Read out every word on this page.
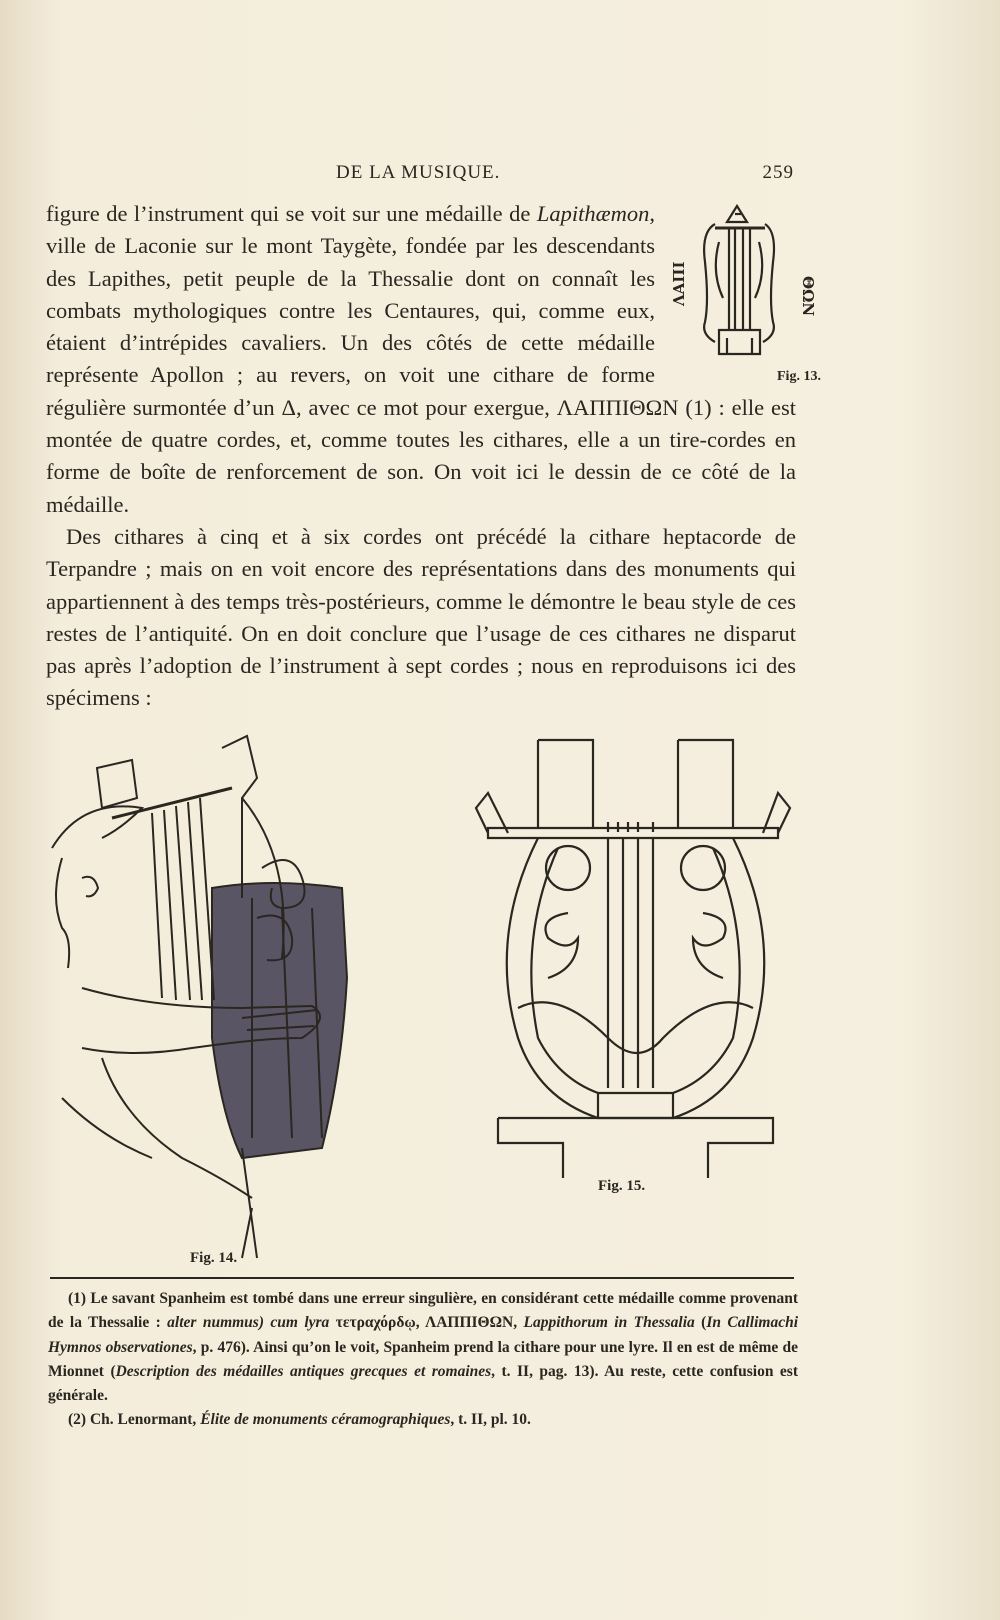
DE LA MUSIQUE.	259

ΛΑΠΙ	ΘΩΝ
Fig. 13.
figure de l’instrument qui se voit sur une médaille de Lapithæmon, ville de Laconie sur le mont Taygète, fondée par les descendants des Lapithes, petit peuple de la Thessalie dont on connaît les combats mythologiques contre les Centaures, qui, comme eux, étaient d’intrépides cavaliers. Un des côtés de cette médaille représente Apollon ; au revers, on voit une cithare de forme régulière surmontée d’un Δ, avec ce mot pour exergue, ΛΑΠΠΙΘΩΝ (1) : elle est montée de quatre cordes, et, comme toutes les cithares, elle a un tire-cordes en forme de boîte de renforcement de son. On voit ici le dessin de ce côté de la médaille.

Des cithares à cinq et à six cordes ont précédé la cithare heptacorde de Terpandre ; mais on en voit encore des représentations dans des monuments qui appartiennent à des temps très-postérieurs, comme le démontre le beau style de ces restes de l’antiquité. On en doit conclure que l’usage de ces cithares ne disparut pas après l’adoption de l’instrument à sept cordes ; nous en reproduisons ici des spécimens :

Fig. 14.
Fig. 15.

(1) Le savant Spanheim est tombé dans une erreur singulière, en considérant cette médaille comme provenant de la Thessalie : alter nummus) cum lyra τετραχόρδῳ, ΛΑΠΠΙΘΩΝ, Lappithorum in Thessalia (In Callimachi Hymnos observationes, p. 476). Ainsi qu’on le voit, Spanheim prend la cithare pour une lyre. Il en est de même de Mionnet (Description des médailles antiques grecques et romaines, t. II, pag. 13). Au reste, cette confusion est générale.

(2) Ch. Lenormant, Élite de monuments céramographiques, t. II, pl. 10.
